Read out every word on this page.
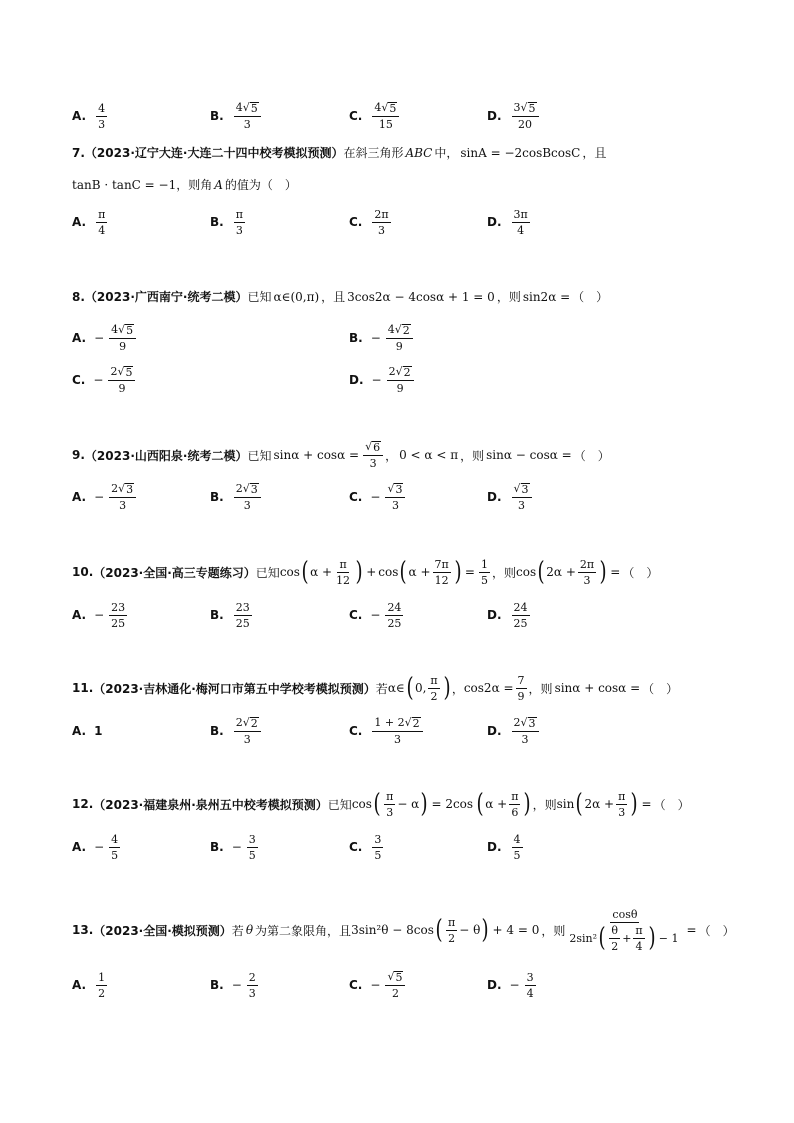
A. $\frac{4}{3}$	B. $\frac{4√ 5}{3}$	C. $\frac{4√ 5}{15}$	D. $\frac{3√ 5}{20}$
7. （2023·辽宁大连·大连二十四中校考模拟预测） 在斜三角形 ABC 中， sinA = −2cosBcosC ，且
tanB · tanC = −1 ，则角 A 的值为（　）
A. $\frac{\pi}{4}$	B. $\frac{\pi}{3}$	C. $\frac{2\pi}{3}$	D. $\frac{3\pi}{4}$
8. （2023·广西南宁·统考二模） 已知 α∈(0,π) ，且 3cos2α − 4cosα + 1 = 0 ，则 sin2α = （　）
A. − $\frac{4√ 5}{9}$	B. − $\frac{4√ 2}{9}$
C. − $\frac{2√ 5}{9}$	D. − $\frac{2√ 2}{9}$
9. （2023·山西阳泉·统考二模） 已知 $\sin\alpha + \cos\alpha = \frac{√ 6}{3}$ ， 0 < α < π ，则 sinα − cosα = （　）
A. − $\frac{2√ 3}{3}$	B. $\frac{2√ 3}{3}$	C. − $\frac{√ 3}{3}$	D. $\frac{√ 3}{3}$
10. （2023·全国·高三专题练习） 已知 cos ( $\alpha + \frac{\pi}{12}$ ) + cos ( $\alpha + \frac{7\pi}{12}$ ) = $\frac{1}{5}$ ，则 cos ( $2\alpha + \frac{2\pi}{3}$ ) = （　）
A. − $\frac{23}{25}$	B. $\frac{23}{25}$	C. − $\frac{24}{25}$	D. $\frac{24}{25}$
11. （2023·吉林通化·梅河口市第五中学校考模拟预测） 若 α∈ ( 0, $\frac{\pi}{2}$ ) ， $\cos 2\alpha = \frac{7}{9}$ ，则 sinα + cosα = （　）
A. 1	B. $\frac{2√ 2}{3}$	C. $\frac{1 + 2√ 2}{3}$	D. $\frac{2√ 3}{3}$
12. （2023·福建泉州·泉州五中校考模拟预测） 已知 cos ( $\frac{\pi}{3} - \alpha$ ) = 2cos ( $\alpha + \frac{\pi}{6}$ ) ，则 sin ( $2\alpha + \frac{\pi}{3}$ ) = （　）
A. − $\frac{4}{5}$	B. − $\frac{3}{5}$	C. $\frac{3}{5}$	D. $\frac{4}{5}$
13. （2023·全国·模拟预测） 若 θ 为第二象限角，且 3sin²θ − 8cos ( $\frac{\pi}{2} - \theta$ ) + 4 = 0 ，则 $\frac{\cos\theta}{2\sin^2 ( \frac{\theta}{2} + \frac{\pi}{4} ) - 1}$ = （　）
A. $\frac{1}{2}$	B. − $\frac{2}{3}$	C. − $\frac{√ 5}{2}$	D. − $\frac{3}{4}$
